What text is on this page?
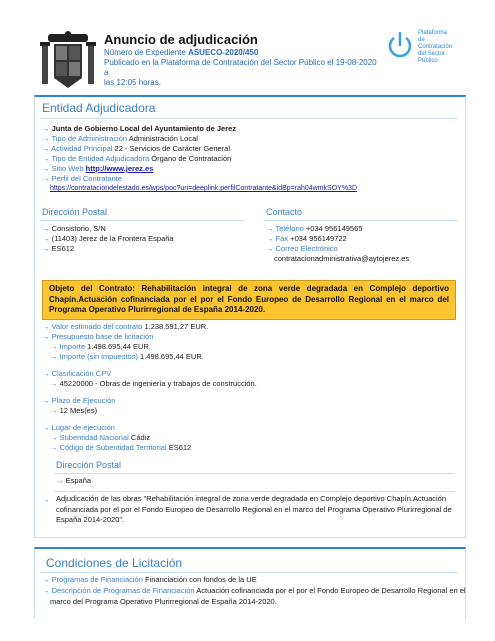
Anuncio de adjudicación
Número de Expediente ASUECO-2020/450
Publicado en la Plataforma de Contratación del Sector Público el 19-08-2020 a
las 12:05 horas.
Plataforma
de
Contratación
del Sector
Público
Entidad Adjudicadora
→ Junta de Gobierno Local del Ayuntamiento de Jerez
→ Tipo de Administración Administración Local
→ Actividad Principal 22 - Servicios de Carácter General
→ Tipo de Entidad Adjudicadora Órgano de Contratación
→ Sitio Web http://www.jerez.es
→ Perfil del Contratante
https://contrataciondelestado.es/wps/poc?uri=deeplink:perfilContratante&idBp=rah04wmkSOY%3D
Dirección Postal	Contacto
→ Consistorio, S/N
→ (11403) Jerez de la Frontera España
→ ES612
→ Teléfono +034 956149565
→ Fax +034 956149722
→ Correo Electrónico
contratacionadministrativa@aytojerez.es
Objeto del Contrato: Rehabilitación integral de zona verde degradada en Complejo deportivo Chapín.Actuación cofinanciada por el por el Fondo Europeo de Desarrollo Regional en el marco del Programa Operativo Plurirregional de España 2014-2020.
→ Valor estimado del contrato 1.238.591,27 EUR.
→ Presupuesto base de licitación
→ Importe 1.498.695,44 EUR.
→ Importe (sin impuestos) 1.498.695,44 EUR.
→ Clasificación CPV
→ 45220000 - Obras de ingeniería y trabajos de construcción.
→ Plazo de Ejecución
→ 12 Mes(es)
→ Lugar de ejecución
→ Subentidad Nacional Cádiz
→ Código de Subentidad Territorial ES612
Dirección Postal
→ España
→ Adjudicación de las obras "Rehabilitación integral de zona verde degradada en Complejo deportivo Chapín.Actuación cofinanciada por el por el Fondo Europeo de Desarrollo Regional en el marco del Programa Operativo Plurirregional de España 2014-2020".
Condiciones de Licitación
→ Programas de Financiación Financiación con fondos de la UE
→ Descripción de Programas de Financiación Actuación cofinanciada por el por el Fondo Europeo de Desarrollo Regional en el
marco del Programa Operativo Plurirregional de España 2014-2020.
